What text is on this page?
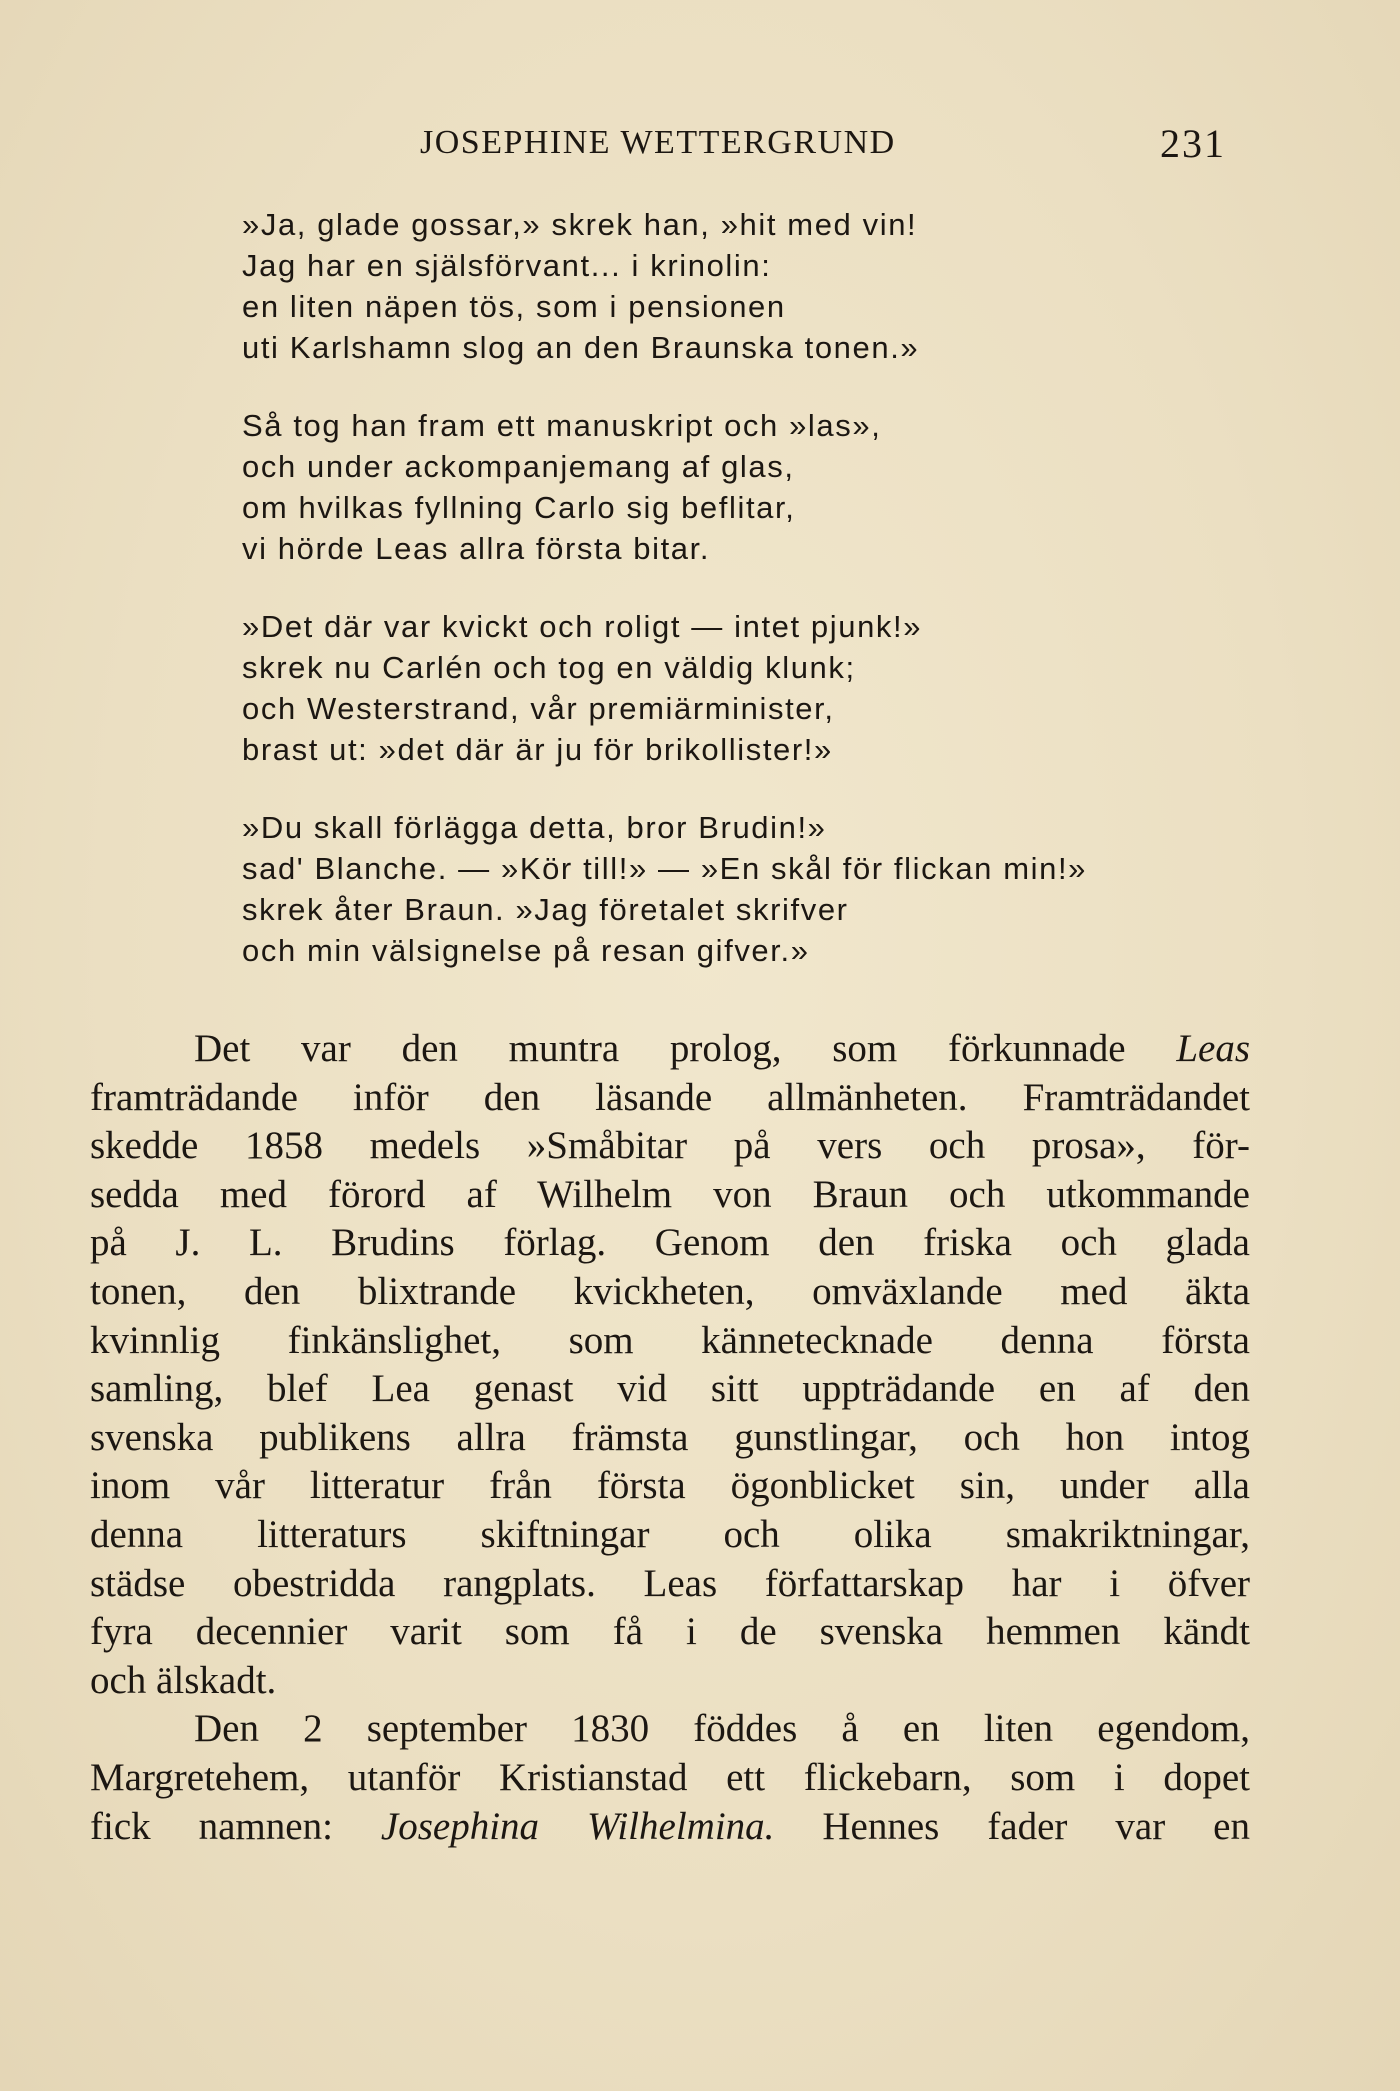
JOSEPHINE WETTERGRUND	231
»Ja, glade gossar,» skrek han, »hit med vin!
Jag har en själsförvant... i krinolin:
en liten näpen tös, som i pensionen
uti Karlshamn slog an den Braunska tonen.»
Så tog han fram ett manuskript och »las»,
och under ackompanjemang af glas,
om hvilkas fyllning Carlo sig beflitar,
vi hörde Leas allra första bitar.
»Det där var kvickt och roligt — intet pjunk!»
skrek nu Carlén och tog en väldig klunk;
och Westerstrand, vår premiärminister,
brast ut: »det där är ju för brikollister!»
»Du skall förlägga detta, bror Brudin!»
sad' Blanche. — »Kör till!» — »En skål för flickan min!»
skrek åter Braun. »Jag företalet skrifver
och min välsignelse på resan gifver.»
Det var den muntra prolog, som förkunnade Leas
framträdande inför den läsande allmänheten. Framträdandet
skedde 1858 medels »Småbitar på vers och prosa», för-
sedda med förord af Wilhelm von Braun och utkommande
på J. L. Brudins förlag. Genom den friska och glada
tonen, den blixtrande kvickheten, omväxlande med äkta
kvinnlig finkänslighet, som kännetecknade denna första
samling, blef Lea genast vid sitt uppträdande en af den
svenska publikens allra främsta gunstlingar, och hon intog
inom vår litteratur från första ögonblicket sin, under alla
denna litteraturs skiftningar och olika smakriktningar,
städse obestridda rangplats. Leas författarskap har i öfver
fyra decennier varit som få i de svenska hemmen kändt
och älskadt.
Den 2 september 1830 föddes å en liten egendom,
Margretehem, utanför Kristianstad ett flickebarn, som i dopet
fick namnen: Josephina Wilhelmina. Hennes fader var en
